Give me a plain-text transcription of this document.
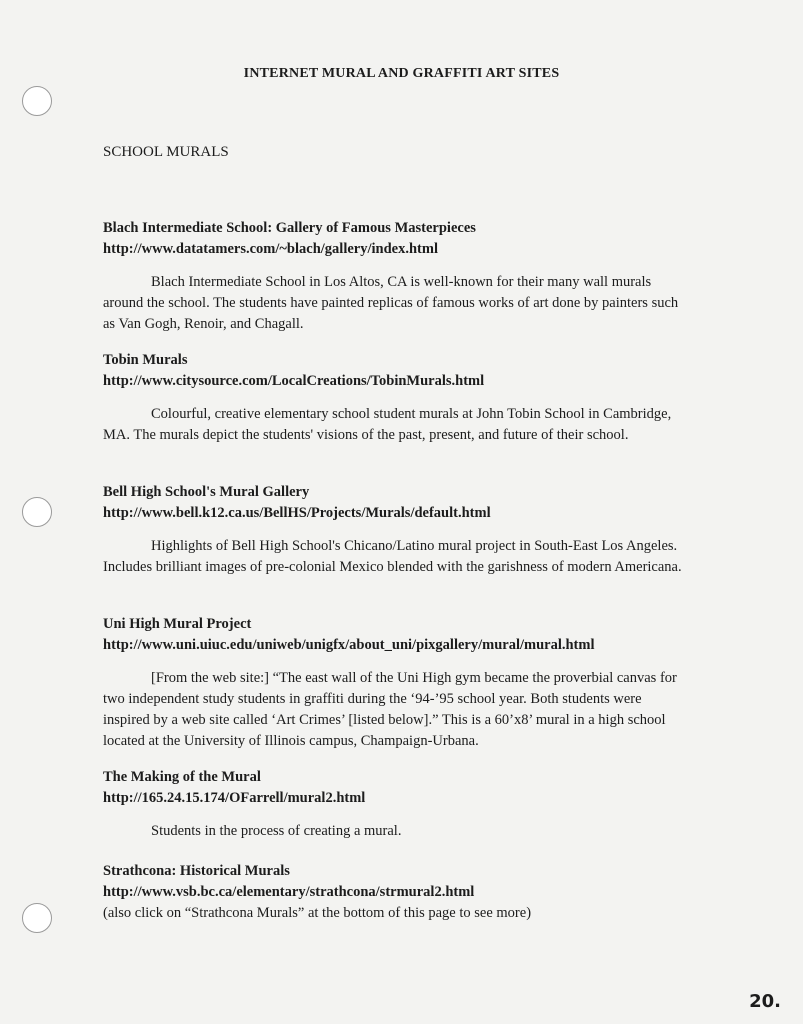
INTERNET MURAL AND GRAFFITI ART SITES
SCHOOL MURALS
Blach Intermediate School: Gallery of Famous Masterpieces
http://www.datatamers.com/~blach/gallery/index.html
Blach Intermediate School in Los Altos, CA is well-known for their many wall murals around the school. The students have painted replicas of famous works of art done by painters such as Van Gogh, Renoir, and Chagall.
Tobin Murals
http://www.citysource.com/LocalCreations/TobinMurals.html
Colourful, creative elementary school student murals at John Tobin School in Cambridge, MA. The murals depict the students' visions of the past, present, and future of their school.
Bell High School's Mural Gallery
http://www.bell.k12.ca.us/BellHS/Projects/Murals/default.html
Highlights of Bell High School's Chicano/Latino mural project in South-East Los Angeles. Includes brilliant images of pre-colonial Mexico blended with the garishness of modern Americana.
Uni High Mural Project
http://www.uni.uiuc.edu/uniweb/unigfx/about_uni/pixgallery/mural/mural.html
[From the web site:] “The east wall of the Uni High gym became the proverbial canvas for two independent study students in graffiti during the ‘94-’95 school year. Both students were inspired by a web site called ‘Art Crimes’ [listed below].” This is a 60’x8’ mural in a high school located at the University of Illinois campus, Champaign-Urbana.
The Making of the Mural
http://165.24.15.174/OFarrell/mural2.html
Students in the process of creating a mural.
Strathcona: Historical Murals
http://www.vsb.bc.ca/elementary/strathcona/strmural2.html
(also click on “Strathcona Murals” at the bottom of this page to see more)
20.
